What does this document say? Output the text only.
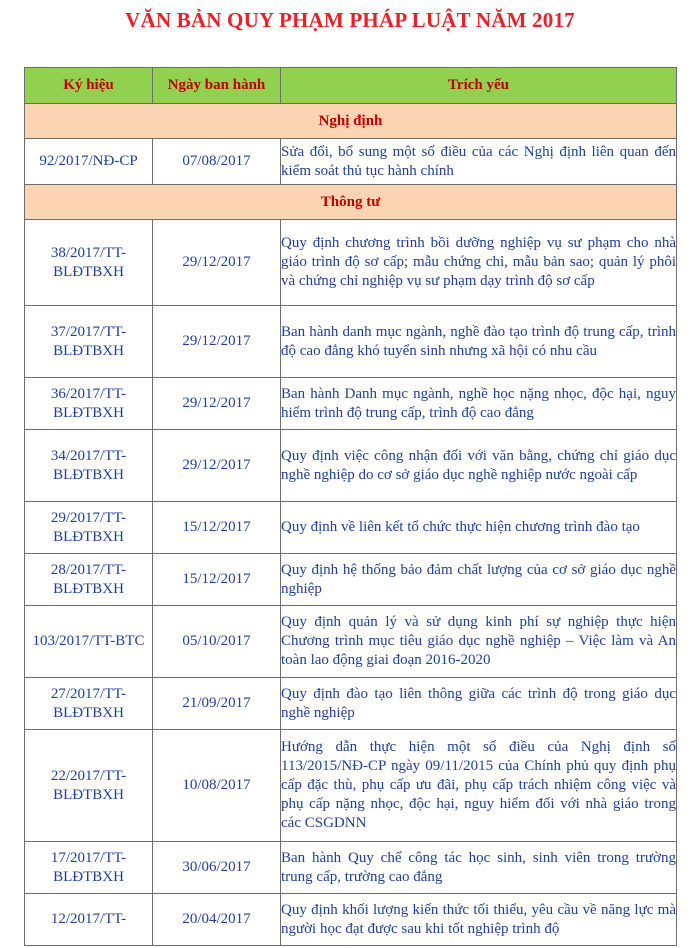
VĂN BẢN QUY PHẠM PHÁP LUẬT NĂM 2017
Ký hiệu	Ngày ban hành	Trích yếu
Nghị định		
92/2017/NĐ-CP	07/08/2017	Sửa đổi, bổ sung một số điều của các Nghị định liên quan đến kiểm soát thủ tục hành chính
Thông tư		
38/2017/TT-BLĐTBXH	29/12/2017	Quy định chương trình bồi dưỡng nghiệp vụ sư phạm cho nhà giáo trình độ sơ cấp; mẫu chứng chỉ, mẫu bản sao; quản lý phôi và chứng chỉ nghiệp vụ sư phạm dạy trình độ sơ cấp
37/2017/TT-BLĐTBXH	29/12/2017	Ban hành danh mục ngành, nghề đào tạo trình độ trung cấp, trình độ cao đẳng khó tuyển sinh nhưng xã hội có nhu cầu
36/2017/TT-BLĐTBXH	29/12/2017	Ban hành Danh mục ngành, nghề học nặng nhọc, độc hại, nguy hiểm trình độ trung cấp, trình độ cao đẳng
34/2017/TT-BLĐTBXH	29/12/2017	Quy định việc công nhận đối với văn bằng, chứng chỉ giáo dục nghề nghiệp do cơ sở giáo dục nghề nghiệp nước ngoài cấp
29/2017/TT-BLĐTBXH	15/12/2017	Quy định về liên kết tổ chức thực hiện chương trình đào tạo
28/2017/TT-BLĐTBXH	15/12/2017	Quy định hệ thống bảo đảm chất lượng của cơ sở giáo dục nghề nghiệp
103/2017/TT-BTC	05/10/2017	Quy định quản lý và sử dụng kinh phí sự nghiệp thực hiện Chương trình mục tiêu giáo dục nghề nghiệp – Việc làm và An toàn lao động giai đoạn 2016-2020
27/2017/TT-BLĐTBXH	21/09/2017	Quy định đào tạo liên thông giữa các trình độ trong giáo dục nghề nghiệp
22/2017/TT-BLĐTBXH	10/08/2017	Hướng dẫn thực hiện một số điều của Nghị định số 113/2015/NĐ-CP ngày 09/11/2015 của Chính phủ quy định phụ cấp đặc thù, phụ cấp ưu đãi, phụ cấp trách nhiệm công việc và phụ cấp nặng nhọc, độc hại, nguy hiểm đối với nhà giáo trong các CSGDNN
17/2017/TT-BLĐTBXH	30/06/2017	Ban hành Quy chế công tác học sinh, sinh viên trong trường trung cấp, trường cao đẳng
12/2017/TT-	20/04/2017	Quy định khối lượng kiến thức tối thiểu, yêu cầu về năng lực mà người học đạt được sau khi tốt nghiệp trình độ
